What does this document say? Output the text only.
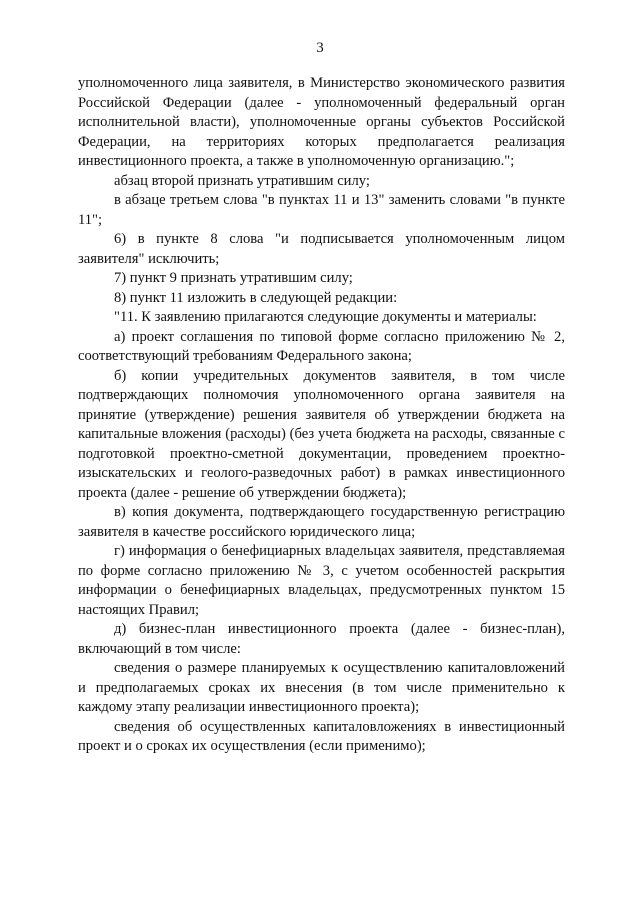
3

уполномоченного лица заявителя, в Министерство экономического развития Российской Федерации (далее - уполномоченный федеральный орган исполнительной власти), уполномоченные органы субъектов Российской Федерации, на территориях которых предполагается реализация инвестиционного проекта, а также в уполномоченную организацию.";

абзац второй признать утратившим силу;

в абзаце третьем слова "в пунктах 11 и 13" заменить словами "в пункте 11";

6) в пункте 8 слова "и подписывается уполномоченным лицом заявителя" исключить;

7) пункт 9 признать утратившим силу;

8) пункт 11 изложить в следующей редакции:

"11. К заявлению прилагаются следующие документы и материалы:

а) проект соглашения по типовой форме согласно приложению № 2, соответствующий требованиям Федерального закона;

б) копии учредительных документов заявителя, в том числе подтверждающих полномочия уполномоченного органа заявителя на принятие (утверждение) решения заявителя об утверждении бюджета на капитальные вложения (расходы) (без учета бюджета на расходы, связанные с подготовкой проектно-сметной документации, проведением проектно-изыскательских и геолого-разведочных работ) в рамках инвестиционного проекта (далее - решение об утверждении бюджета);

в) копия документа, подтверждающего государственную регистрацию заявителя в качестве российского юридического лица;

г) информация о бенефициарных владельцах заявителя, представляемая по форме согласно приложению № 3, с учетом особенностей раскрытия информации о бенефициарных владельцах, предусмотренных пунктом 15 настоящих Правил;

д) бизнес-план инвестиционного проекта (далее - бизнес-план), включающий в том числе:

сведения о размере планируемых к осуществлению капиталовложений и предполагаемых сроках их внесения (в том числе применительно к каждому этапу реализации инвестиционного проекта);

сведения об осуществленных капиталовложениях в инвестиционный проект и о сроках их осуществления (если применимо);
